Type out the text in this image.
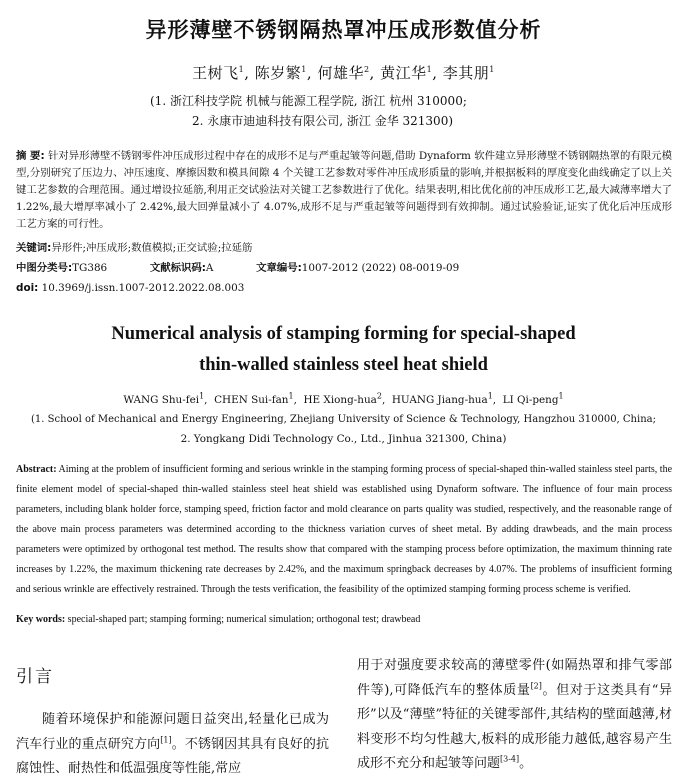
异形薄壁不锈钢隔热罩冲压成形数值分析
王树飞$^1$, 陈岁繁$^1$, 何雄华$^2$, 黄江华$^1$, 李其朋$^1$
(1. 浙江科技学院 机械与能源工程学院, 浙江 杭州 310000;
2. 永康市迪迪科技有限公司, 浙江 金华 321300)
摘 要: 针对异形薄壁不锈钢零件冲压成形过程中存在的成形不足与严重起皱等问题,借助 Dynaform 软件建立异形薄壁不锈钢隔热罩的有限元模型,分别研究了压边力、冲压速度、摩擦因数和模具间隙 4 个关键工艺参数对零件冲压成形质量的影响,并根据板料的厚度变化曲线确定了以上关键工艺参数的合理范围。通过增设拉延筋,利用正交试验法对关键工艺参数进行了优化。结果表明,相比优化前的冲压成形工艺,最大减薄率增大了 1.22%,最大增厚率减小了 2.42%,最大回弹量减小了 4.07%,成形不足与严重起皱等问题得到有效抑制。通过试验验证,证实了优化后冲压成形工艺方案的可行性。
关键词:异形件;冲压成形;数值模拟;正交试验;拉延筋
中图分类号:TG386	文献标识码:A	文章编号:1007-2012 (2022) 08-0019-09
doi: 10.3969/j.issn.1007-2012.2022.08.003
Numerical analysis of stamping forming for special-shaped
thin-walled stainless steel heat shield
WANG Shu-fei$^1$,  CHEN Sui-fan$^1$,  HE Xiong-hua$^2$,  HUANG Jiang-hua$^1$,  LI Qi-peng$^1$
(1. School of Mechanical and Energy Engineering, Zhejiang University of Science & Technology, Hangzhou 310000, China;
2. Yongkang Didi Technology Co., Ltd., Jinhua 321300, China)
Abstract: Aiming at the problem of insufficient forming and serious wrinkle in the stamping forming process of special-shaped thin-walled stainless steel parts, the finite element model of special-shaped thin-walled stainless steel heat shield was established using Dynaform software. The influence of four main process parameters, including blank holder force, stamping speed, friction factor and mold clearance on parts quality was studied, respectively, and the reasonable range of the above main process parameters was determined according to the thickness variation curves of sheet metal. By adding drawbeads, and the main process parameters were optimized by orthogonal test method. The results show that compared with the stamping process before optimization, the maximum thinning rate increases by 1.22%, the maximum thickening rate decreases by 2.42%, and the maximum springback decreases by 4.07%. The problems of insufficient forming and serious wrinkle are effectively restrained. Through the tests verification, the feasibility of the optimized stamping forming process scheme is verified.
Key words: special-shaped part; stamping forming; numerical simulation; orthogonal test; drawbead
引言
随着环境保护和能源问题日益突出,轻量化已成为汽车行业的重点研究方向[1]。不锈钢因其具有良好的抗腐蚀性、耐热性和低温强度等性能,常应
用于对强度要求较高的薄壁零件(如隔热罩和排气零部件等),可降低汽车的整体质量[2]。但对于这类具有“异形”以及“薄壁”特征的关键零部件,其结构的壁面越薄,材料变形不均匀性越大,板料的成形能力越低,越容易产生成形不充分和起皱等问题[3-4]。
